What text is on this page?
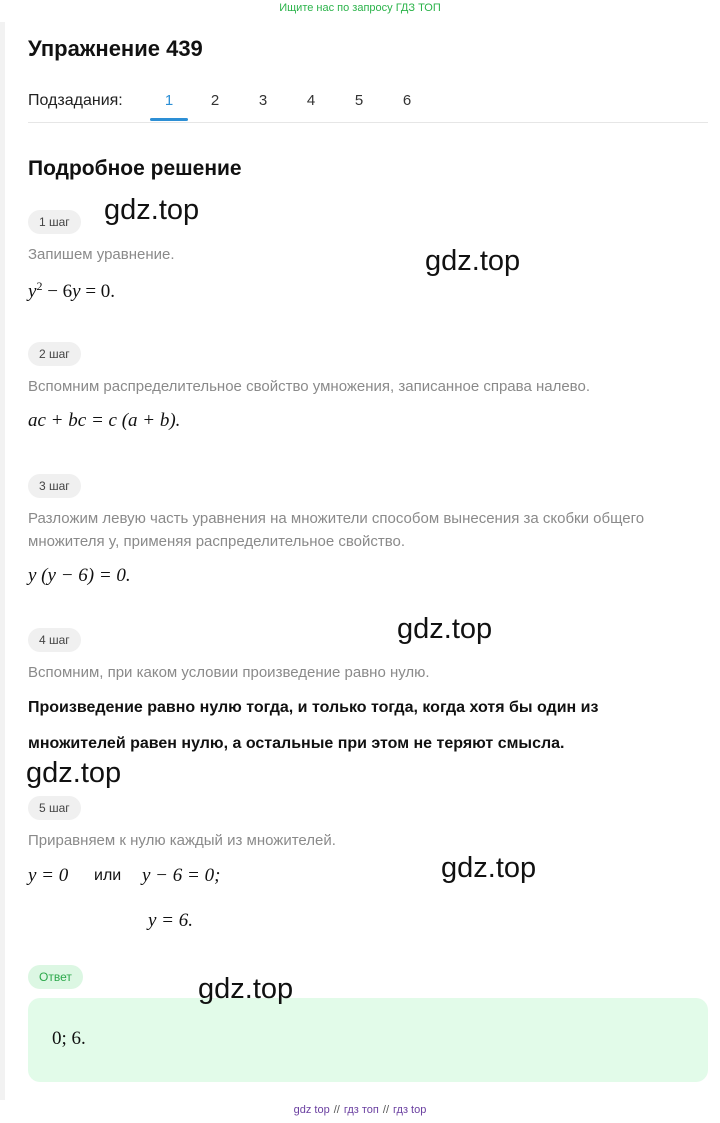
Ищите нас по запросу ГДЗ ТОП
Упражнение 439
Подзадания:	1	2	3	4	5	6
Подробное решение
1 шаг
Запишем уравнение.
$y^2 - 6y = 0$.
2 шаг
Вспомним распределительное свойство умножения, записанное справа налево.
ac + bc = c (a + b).
3 шаг
Разложим левую часть уравнения на множители способом вынесения за скобки общего множителя y, применяя распределительное свойство.
y (y − 6) = 0.
4 шаг
Вспомним, при каком условии произведение равно нулю.
Произведение равно нулю тогда, и только тогда, когда хотя бы один из
множителей равен нулю, а остальные при этом не теряют смысла.
5 шаг
Приравняем к нулю каждый из множителей.
y = 0 или y − 6 = 0;
y = 6.
Ответ
0; 6.
gdz.top
gdz.top
gdz.top
gdz.top
gdz.top
gdz.top
gdz top // гдз топ // гдз top
